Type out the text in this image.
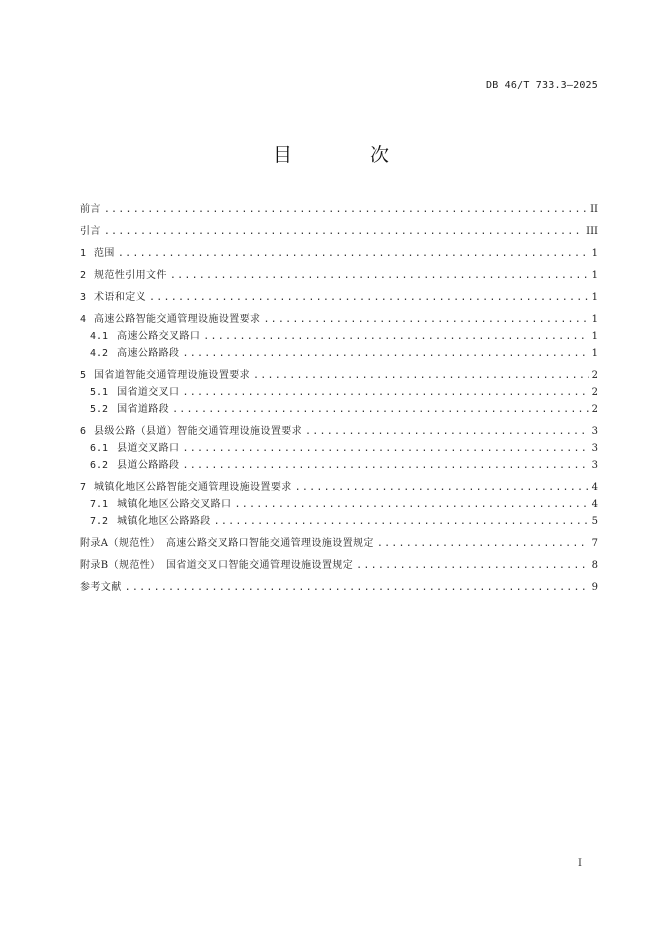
DB 46/T 733.3—2025
目 次
前言 . . .	II
引言 . . .	III
1 范围 . . .	1
2 规范性引用文件 . . .	1
3 术语和定义 . . .	1
4 高速公路智能交通管理设施设置要求 . . .	1
4.1 高速公路交叉路口 . . .	1
4.2 高速公路路段 . . .	1
5 国省道智能交通管理设施设置要求 . . .	2
5.1 国省道交叉口 . . .	2
5.2 国省道路段 . . .	2
6 县级公路（县道）智能交通管理设施设置要求 . . .	3
6.1 县道交叉路口 . . .	3
6.2 县道公路路段 . . .	3
7 城镇化地区公路智能交通管理设施设置要求 . . .	4
7.1 城镇化地区公路交叉路口 . . .	4
7.2 城镇化地区公路路段 . . .	5
附录A（规范性）　高速公路交叉路口智能交通管理设施设置规定 . . .	7
附录B（规范性）　国省道交叉口智能交通管理设施设置规定 . . .	8
参考文献 . . .	9
I
